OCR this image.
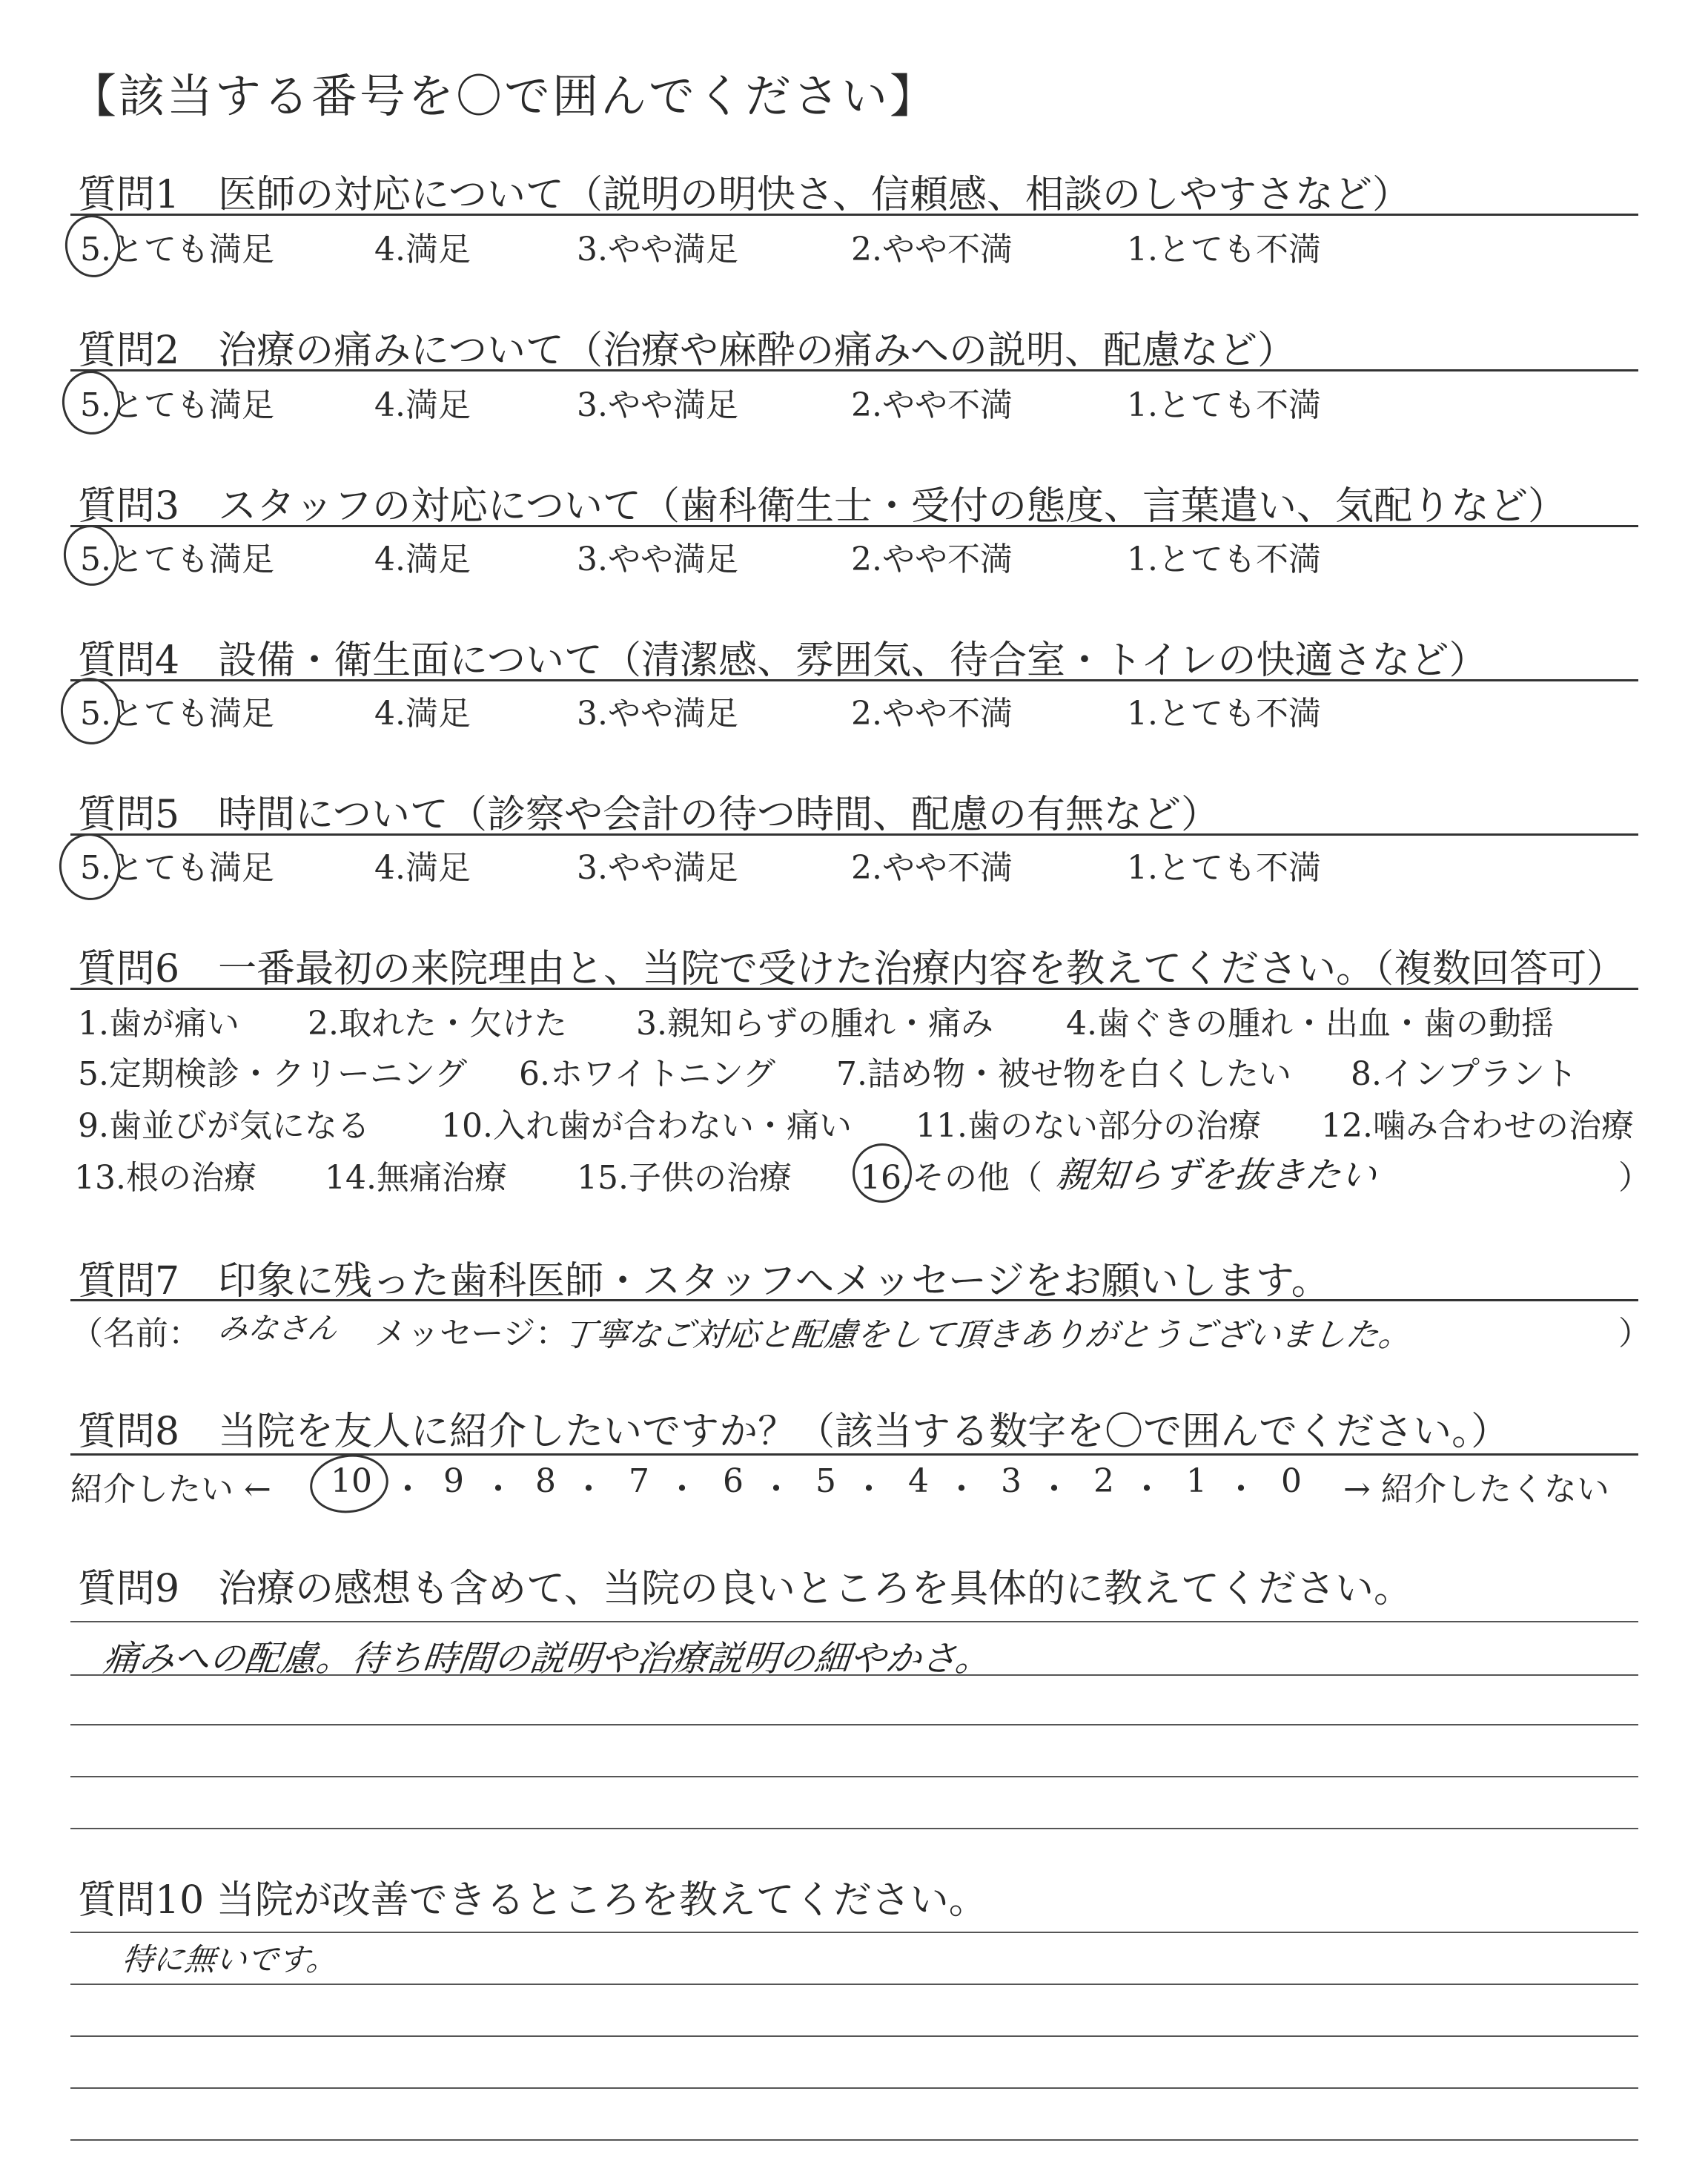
【該当する番号を〇で囲んでください】
質問1　医師の対応について（説明の明快さ、信頼感、相談のしやすさなど）
5.とても満足	4.満足	3.やや満足	2.やや不満	1.とても不満
質問2　治療の痛みについて（治療や麻酔の痛みへの説明、配慮など）
5.とても満足	4.満足	3.やや満足	2.やや不満	1.とても不満
質問3　スタッフの対応について（歯科衛生士・受付の態度、言葉遣い、気配りなど）
5.とても満足	4.満足	3.やや満足	2.やや不満	1.とても不満
質問4　設備・衛生面について（清潔感、雰囲気、待合室・トイレの快適さなど）
5.とても満足	4.満足	3.やや満足	2.やや不満	1.とても不満
質問5　時間について（診察や会計の待つ時間、配慮の有無など）
5.とても満足	4.満足	3.やや満足	2.やや不満	1.とても不満
質問6　一番最初の来院理由と、当院で受けた治療内容を教えてください。（複数回答可）
1.歯が痛い 2.取れた・欠けた 3.親知らずの腫れ・痛み 4.歯ぐきの腫れ・出血・歯の動揺
5.定期検診・クリーニング 6.ホワイトニング 7.詰め物・被せ物を白くしたい 8.インプラント
9.歯並びが気になる 10.入れ歯が合わない・痛い 11.歯のない部分の治療 12.噛み合わせの治療
13.根の治療 14.無痛治療 15.子供の治療 16.その他（ 親知らずを抜きたい	）
質問7　印象に残った歯科医師・スタッフへメッセージをお願いします。
（名前： みなさん メッセージ：
丁寧なご対応と配慮をして頂きありがとうございました。	）
質問8　当院を友人に紹介したいですか？（該当する数字を〇で囲んでください。）
紹介したい ←	→ 紹介したくない
10 ・ 9 ・ 8 ・ 7 ・ 6 ・ 5 ・ 4 ・ 3 ・ 2 ・ 1 ・ 0
質問9　治療の感想も含めて、当院の良いところを具体的に教えてください。
痛みへの配慮。待ち時間の説明や治療説明の細やかさ。
質問10 当院が改善できるところを教えてください。
特に無いです。
